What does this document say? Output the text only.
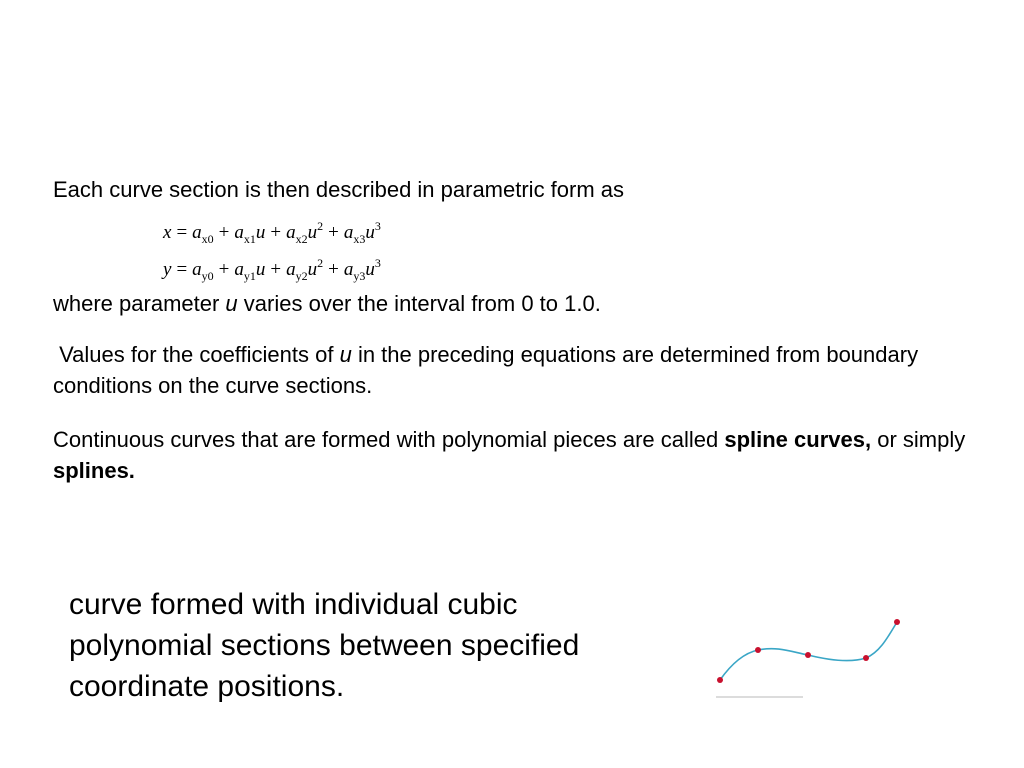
Each curve section is then described in parametric form as

$x = a_{x0} + a_{x1}u + a_{x2}u^2 + a_{x3}u^3$
$y = a_{y0} + a_{y1}u + a_{y2}u^2 + a_{y3}u^3$

where parameter u varies over the interval from 0 to 1.0.

Values for the coefficients of u in the preceding equations are determined from boundary conditions on the curve sections.

Continuous curves that are formed with polynomial pieces are called spline curves, or simply splines.

curve formed with individual cubic polynomial sections between specified coordinate positions.
